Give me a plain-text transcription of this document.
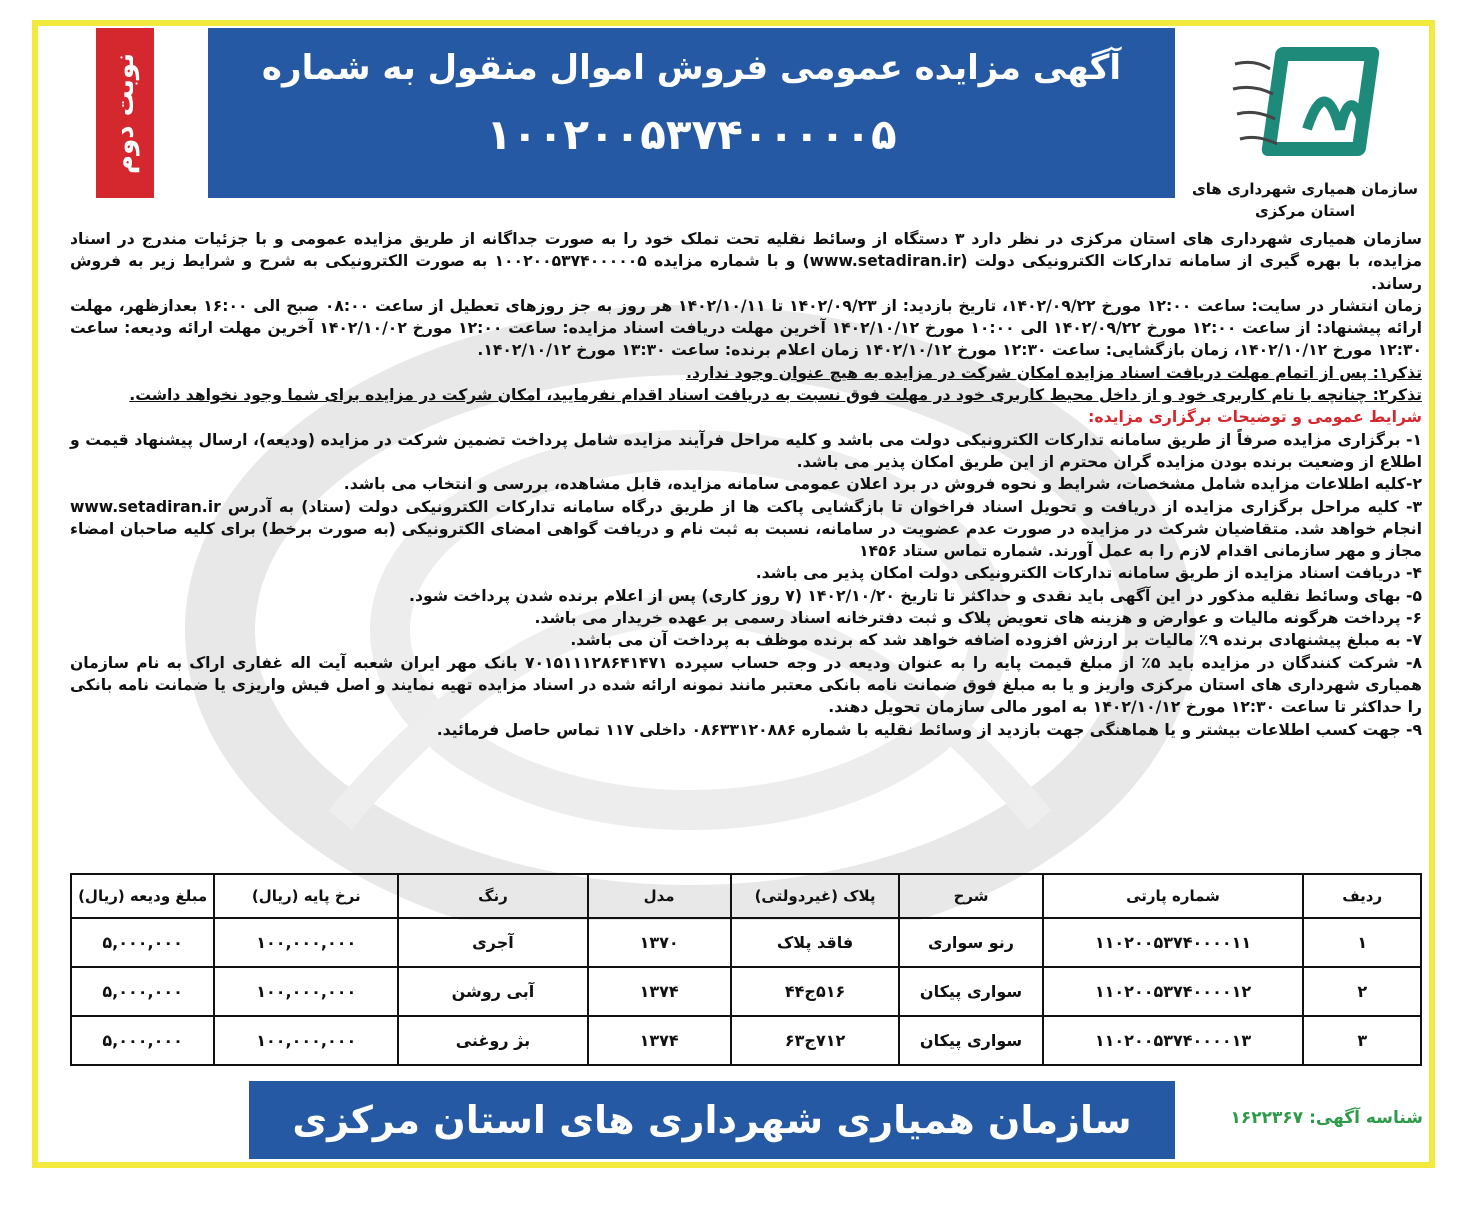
آگهی مزایده عمومی فروش اموال منقول به شماره
۱۰۰۲۰۰۵۳۷۴۰۰۰۰۰۵
نوبت دوم
سازمان همیاری شهرداری های
استان مرکزی

سازمان همیاری شهرداری های استان مرکزی در نظر دارد ۳ دستگاه از وسائط نقلیه تحت تملک خود را به صورت جداگانه از طریق مزایده عمومی و با جزئیات مندرج در اسناد مزایده، با بهره گیری از سامانه تدارکات الکترونیکی دولت (www.setadiran.ir) و با شماره مزایده ۱۰۰۲۰۰۵۳۷۴۰۰۰۰۰۵ به صورت الکترونیکی به شرح و شرایط زیر به فروش رساند.

زمان انتشار در سایت: ساعت ۱۲:۰۰ مورخ ۱۴۰۲/۰۹/۲۲، تاریخ بازدید: از ۱۴۰۲/۰۹/۲۳ تا ۱۴۰۲/۱۰/۱۱ هر روز به جز روزهای تعطیل از ساعت ۰۸:۰۰ صبح الی ۱۶:۰۰ بعدازظهر، مهلت ارائه پیشنهاد: از ساعت ۱۲:۰۰ مورخ ۱۴۰۲/۰۹/۲۲ الی ۱۰:۰۰ مورخ ۱۴۰۲/۱۰/۱۲ آخرین مهلت دریافت اسناد مزایده: ساعت ۱۲:۰۰ مورخ ۱۴۰۲/۱۰/۰۲ آخرین مهلت ارائه ودیعه: ساعت ۱۲:۳۰ مورخ ۱۴۰۲/۱۰/۱۲، زمان بازگشایی: ساعت ۱۲:۳۰ مورخ ۱۴۰۲/۱۰/۱۲ زمان اعلام برنده: ساعت ۱۳:۳۰ مورخ ۱۴۰۲/۱۰/۱۲.

تذکر۱: پس از اتمام مهلت دریافت اسناد مزایده امکان شرکت در مزایده به هیچ عنوان وجود ندارد.

تذکر۲: چنانچه با نام کاربری خود و از داخل محیط کاربری خود در مهلت فوق نسبت به دریافت اسناد اقدام نفرمایید، امکان شرکت در مزایده برای شما وجود نخواهد داشت.

شرایط عمومی و توضیحات برگزاری مزایده:

۱- برگزاری مزایده صرفاً از طریق سامانه تدارکات الکترونیکی دولت می باشد و کلیه مراحل فرآیند مزایده شامل پرداخت تضمین شرکت در مزایده (ودیعه)، ارسال پیشنهاد قیمت و اطلاع از وضعیت برنده بودن مزایده گران محترم از این طریق امکان پذیر می باشد.

۲-کلیه اطلاعات مزایده شامل مشخصات، شرایط و نحوه فروش در برد اعلان عمومی سامانه مزایده، قابل مشاهده، بررسی و انتخاب می باشد.

۳- کلیه مراحل برگزاری مزایده از دریافت و تحویل اسناد فراخوان تا بازگشایی پاکت ها از طریق درگاه سامانه تدارکات الکترونیکی دولت (ستاد) به آدرس www.setadiran.ir انجام خواهد شد. متقاضیان شرکت در مزایده در صورت عدم عضویت در سامانه، نسبت به ثبت نام و دریافت گواهی امضای الکترونیکی (به صورت برخط) برای کلیه صاحبان امضاء مجاز و مهر سازمانی اقدام لازم را به عمل آورند. شماره تماس ستاد ۱۴۵۶

۴- دریافت اسناد مزایده از طریق سامانه تدارکات الکترونیکی دولت امکان پذیر می باشد.

۵- بهای وسائط نقلیه مذکور در این آگهی باید نقدی و حداکثر تا تاریخ ۱۴۰۲/۱۰/۲۰ (۷ روز کاری) پس از اعلام برنده شدن پرداخت شود.

۶- پرداخت هرگونه مالیات و عوارض و هزینه های تعویض پلاک و ثبت دفترخانه اسناد رسمی بر عهده خریدار می باشد.

۷- به مبلغ پیشنهادی برنده ۹٪ مالیات بر ارزش افزوده اضافه خواهد شد که برنده موظف به پرداخت آن می باشد.

۸- شرکت کنندگان در مزایده باید ۵٪ از مبلغ قیمت پایه را به عنوان ودیعه در وجه حساب سپرده ۷۰۱۵۱۱۱۲۸۶۴۱۴۷۱ بانک مهر ایران شعبه آیت اله غفاری اراک به نام سازمان همیاری شهرداری های استان مرکزی واریز و یا به مبلغ فوق ضمانت نامه بانکی معتبر مانند نمونه ارائه شده در اسناد مزایده تهیه نمایند و اصل فیش واریزی یا ضمانت نامه بانکی را حداکثر تا ساعت ۱۲:۳۰ مورخ ۱۴۰۲/۱۰/۱۲ به امور مالی سازمان تحویل دهند.

۹- جهت کسب اطلاعات بیشتر و یا هماهنگی جهت بازدید از وسائط نقلیه با شماره ۰۸۶۳۳۱۲۰۸۸۶ داخلی ۱۱۷ تماس حاصل فرمائید.

ردیف	شماره پارتی	شرح	پلاک (غیردولتی)	مدل	رنگ	نرخ پایه (ریال)	مبلغ ودیعه (ریال)
۱	۱۱۰۲۰۰۵۳۷۴۰۰۰۰۱۱	رنو سواری	فاقد پلاک	۱۳۷۰	آجری	۱۰۰,۰۰۰,۰۰۰	۵,۰۰۰,۰۰۰
۲	۱۱۰۲۰۰۵۳۷۴۰۰۰۰۱۲	سواری پیکان	۵۱۶ج۴۴	۱۳۷۴	آبی روشن	۱۰۰,۰۰۰,۰۰۰	۵,۰۰۰,۰۰۰
۳	۱۱۰۲۰۰۵۳۷۴۰۰۰۰۱۳	سواری پیکان	۷۱۲ج۶۳	۱۳۷۴	بژ روغنی	۱۰۰,۰۰۰,۰۰۰	۵,۰۰۰,۰۰۰
سازمان همیاری شهرداری های استان مرکزی	شناسه آگهی: ۱۶۲۲۳۶۷
